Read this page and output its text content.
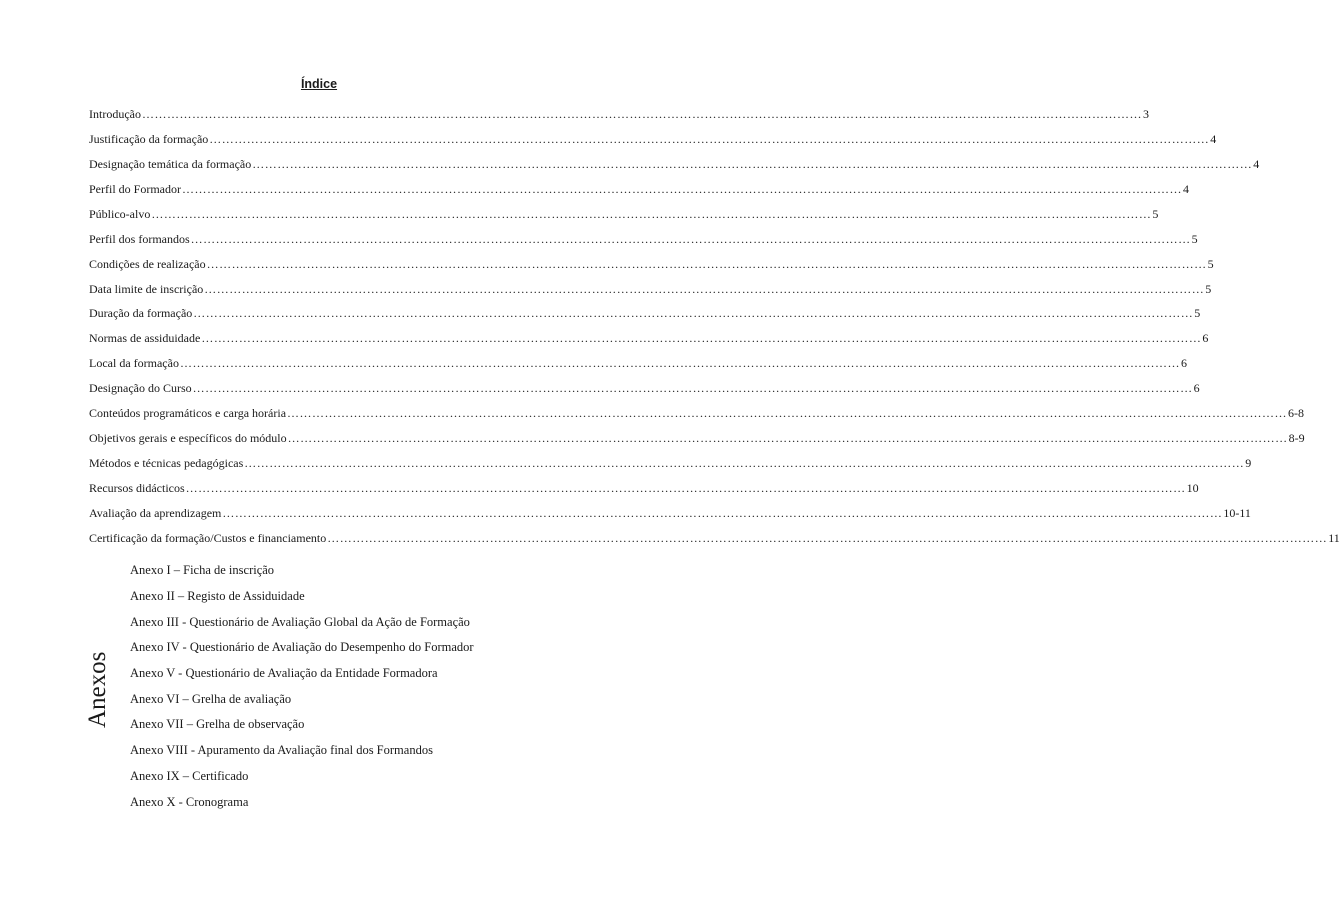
Índice
Introdução …………………………………………………………………………………………………………………………………………………………………………………………………………………… 3
Justificação da formação …………………………………………………………………………………………………………………………………………………………………………………………………………………… 4
Designação temática da formação …………………………………………………………………………………………………………………………………………………………………………………………………………………… 4
Perfil do Formador …………………………………………………………………………………………………………………………………………………………………………………………………………………… 4
Público-alvo …………………………………………………………………………………………………………………………………………………………………………………………………………………… 5
Perfil dos formandos …………………………………………………………………………………………………………………………………………………………………………………………………………………… 5
Condições de realização …………………………………………………………………………………………………………………………………………………………………………………………………………………… 5
Data limite de inscrição …………………………………………………………………………………………………………………………………………………………………………………………………………………… 5
Duração da formação …………………………………………………………………………………………………………………………………………………………………………………………………………………… 5
Normas de assiduidade …………………………………………………………………………………………………………………………………………………………………………………………………………………… 6
Local da formação …………………………………………………………………………………………………………………………………………………………………………………………………………………… 6
Designação do Curso …………………………………………………………………………………………………………………………………………………………………………………………………………………… 6
Conteúdos programáticos e carga horária …………………………………………………………………………………………………………………………………………………………………………………………………………………… 6-8
Objetivos gerais e específicos do módulo …………………………………………………………………………………………………………………………………………………………………………………………………………………… 8-9
Métodos e técnicas pedagógicas …………………………………………………………………………………………………………………………………………………………………………………………………………………… 9
Recursos didácticos …………………………………………………………………………………………………………………………………………………………………………………………………………………… 10
Avaliação da aprendizagem …………………………………………………………………………………………………………………………………………………………………………………………………………………… 10-11
Certificação da formação/Custos e financiamento …………………………………………………………………………………………………………………………………………………………………………………………………………………… 11
Anexo I – Ficha de inscrição
Anexo II – Registo de Assiduidade
Anexo III - Questionário de Avaliação Global da Ação de Formação
Anexo IV - Questionário de Avaliação do Desempenho do Formador
Anexo V - Questionário de Avaliação da Entidade Formadora
Anexo VI – Grelha de avaliação
Anexo VII – Grelha de observação
Anexo VIII - Apuramento da Avaliação final dos Formandos
Anexo IX – Certificado
Anexo X - Cronograma
Anexos
